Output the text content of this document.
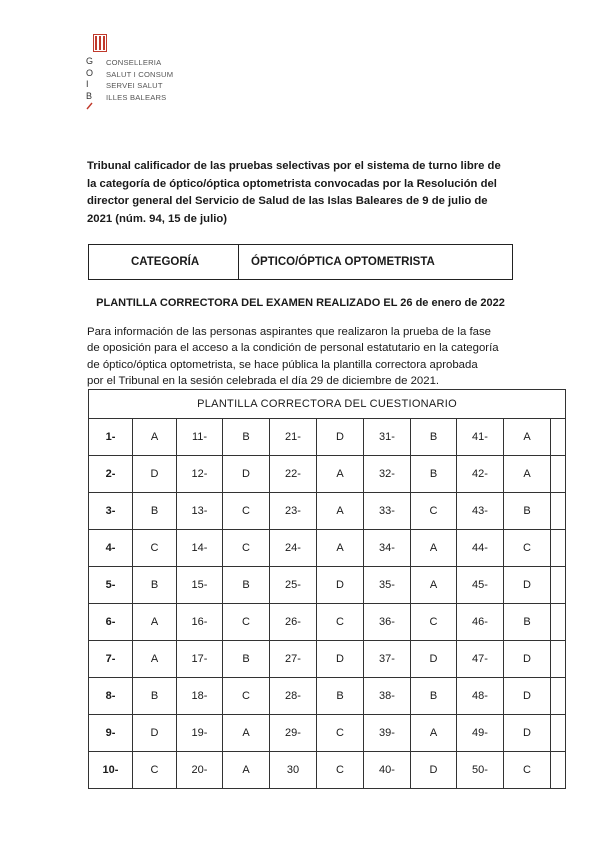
G
O
I
B
CONSELLERIA
SALUT I CONSUM
SERVEI SALUT
ILLES BALEARS
Tribunal calificador de las pruebas selectivas por el sistema de turno libre de
la categoría de óptico/óptica optometrista convocadas por la Resolución del
director general del Servicio de Salud de las Islas Baleares de 9 de julio de
2021 (núm. 94, 15 de julio)
CATEGORÍA	ÓPTICO/ÓPTICA OPTOMETRISTA
PLANTILLA CORRECTORA DEL EXAMEN REALIZADO EL 26 de enero de 2022
Para información de las personas aspirantes que realizaron la prueba de la fase
de oposición para el acceso a la condición de personal estatutario en la categoría
de óptico/óptica optometrista, se hace pública la plantilla correctora aprobada
por el Tribunal en la sesión celebrada el día 29 de diciembre de 2021.
PLANTILLA CORRECTORA DEL CUESTIONARIO										
1-	A	11-	B	21-	D	31-	B	41-	A	
2-	D	12-	D	22-	A	32-	B	42-	A	
3-	B	13-	C	23-	A	33-	C	43-	B	
4-	C	14-	C	24-	A	34-	A	44-	C	
5-	B	15-	B	25-	D	35-	A	45-	D	
6-	A	16-	C	26-	C	36-	C	46-	B	
7-	A	17-	B	27-	D	37-	D	47-	D	
8-	B	18-	C	28-	B	38-	B	48-	D	
9-	D	19-	A	29-	C	39-	A	49-	D	
10-	C	20-	A	30	C	40-	D	50-	C	
